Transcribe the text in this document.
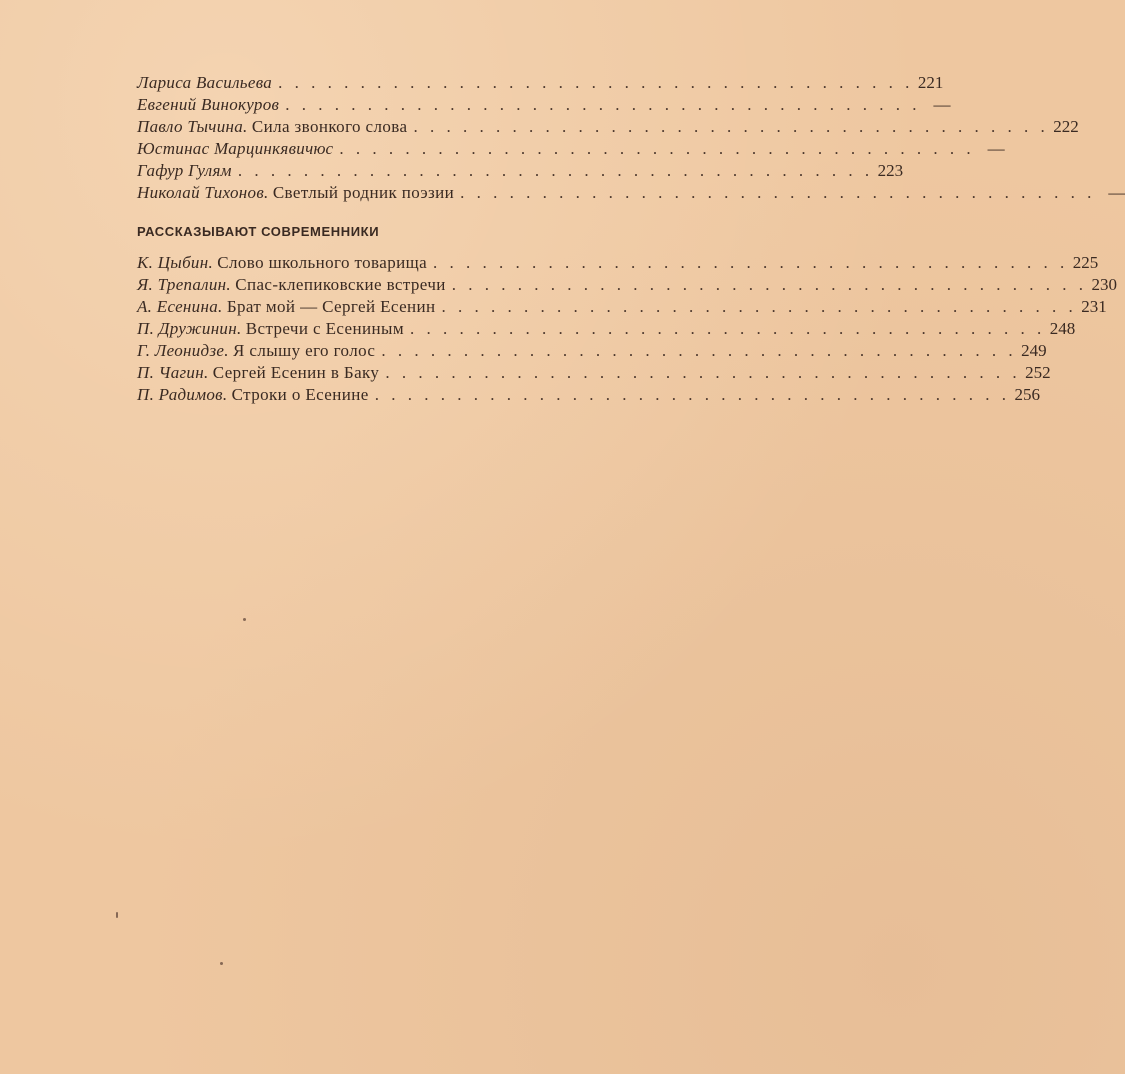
Лариса Васильева . . .	221
Евгений Винокуров . . .	—
Павло Тычина. Сила звонкого слова . . .	222
Юстинас Марцинкявичюс . . .	—
Гафур Гулям . . .	223
Николай Тихонов. Светлый родник поэзии . . .	—
РАССКАЗЫВАЮТ СОВРЕМЕННИКИ
К. Цыбин. Слово школьного товарища . . .	225
Я. Трепалин. Спас-клепиковские встречи . . .	230
А. Есенина. Брат мой — Сергей Есенин . . .	231
П. Дружинин. Встречи с Есениным . . .	248
Г. Леонидзе. Я слышу его голос . . .	249
П. Чагин. Сергей Есенин в Баку . . .	252
П. Радимов. Строки о Есенине . . .	256
